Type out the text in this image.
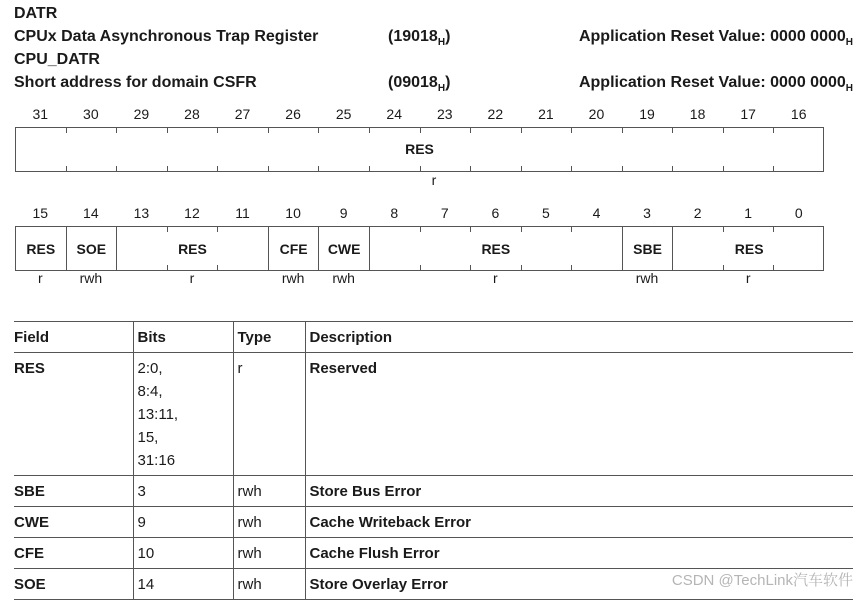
DATR
CPUx Data Asynchronous Trap Register	$(19018_H)$	Application Reset Value: 0000 $0000_H$
CPU_DATR
Short address for domain CSFR	$(09018_H)$	Application Reset Value: 0000 $0000_H$
31	30	29	28	27	26	25	24	23	22	21	20	19	18	17	16
RES
r
15	14	13	12	11	10	9	8	7	6	5	4	3	2	1	0
RES	SOE	RES	CFE	CWE	RES	SBE	RES
r	rwh	r	rwh	rwh	r	rwh	r
Field	Bits	Type	Description
RES	2:0,
8:4,
13:11,
15,
31:16	r	Reserved
SBE	3	rwh	Store Bus Error
CWE	9	rwh	Cache Writeback Error
CFE	10	rwh	Cache Flush Error
SOE	14	rwh	Store Overlay Error	CSDN @TechLink汽车软件
